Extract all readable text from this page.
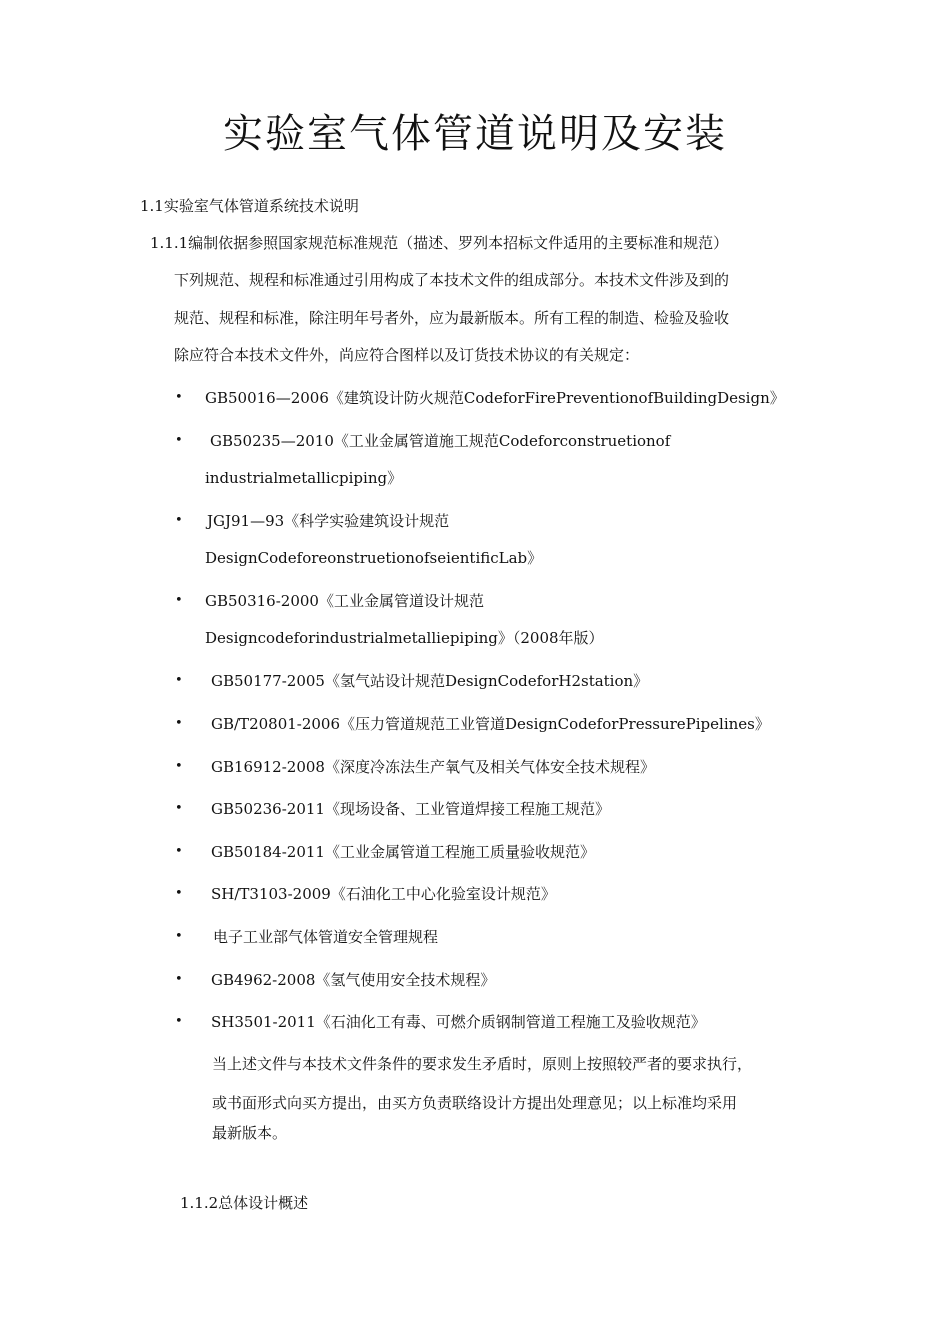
实验室气体管道说明及安装
1.1实验室气体管道系统技术说明
1.1.1编制依据参照国家规范标准规范（描述、罗列本招标文件适用的主要标准和规范）
下列规范、规程和标准通过引用构成了本技术文件的组成部分。本技术文件涉及到的
规范、规程和标准，除注明年号者外，应为最新版本。所有工程的制造、检验及验收
除应符合本技术文件外，尚应符合图样以及订货技术协议的有关规定：
• GB50016—2006《建筑设计防火规范CodeforFirePreventionofBuildingDesign》
• GB50235—2010《工业金属管道施工规范Codeforconstruetionof
industrialmetallicpiping》
• JGJ91—93《科学实验建筑设计规范
DesignCodeforeonstruetionofseientificLab》
• GB50316-2000《工业金属管道设计规范
Designcodeforindustrialmetalliepiping》（2008年版）
• GB50177-2005《氢气站设计规范DesignCodeforH2station》
• GB/T20801-2006《压力管道规范工业管道DesignCodeforPressurePipelines》
• GB16912-2008《深度冷冻法生产氧气及相关气体安全技术规程》
• GB50236-2011《现场设备、工业管道焊接工程施工规范》
• GB50184-2011《工业金属管道工程施工质量验收规范》
• SH/T3103-2009《石油化工中心化验室设计规范》
• 电子工业部气体管道安全管理规程
• GB4962-2008《氢气使用安全技术规程》
• SH3501-2011《石油化工有毒、可燃介质钢制管道工程施工及验收规范》
当上述文件与本技术文件条件的要求发生矛盾时，原则上按照较严者的要求执行，
或书面形式向买方提出，由买方负责联络设计方提出处理意见；以上标准均采用
最新版本。
1.1.2总体设计概述
